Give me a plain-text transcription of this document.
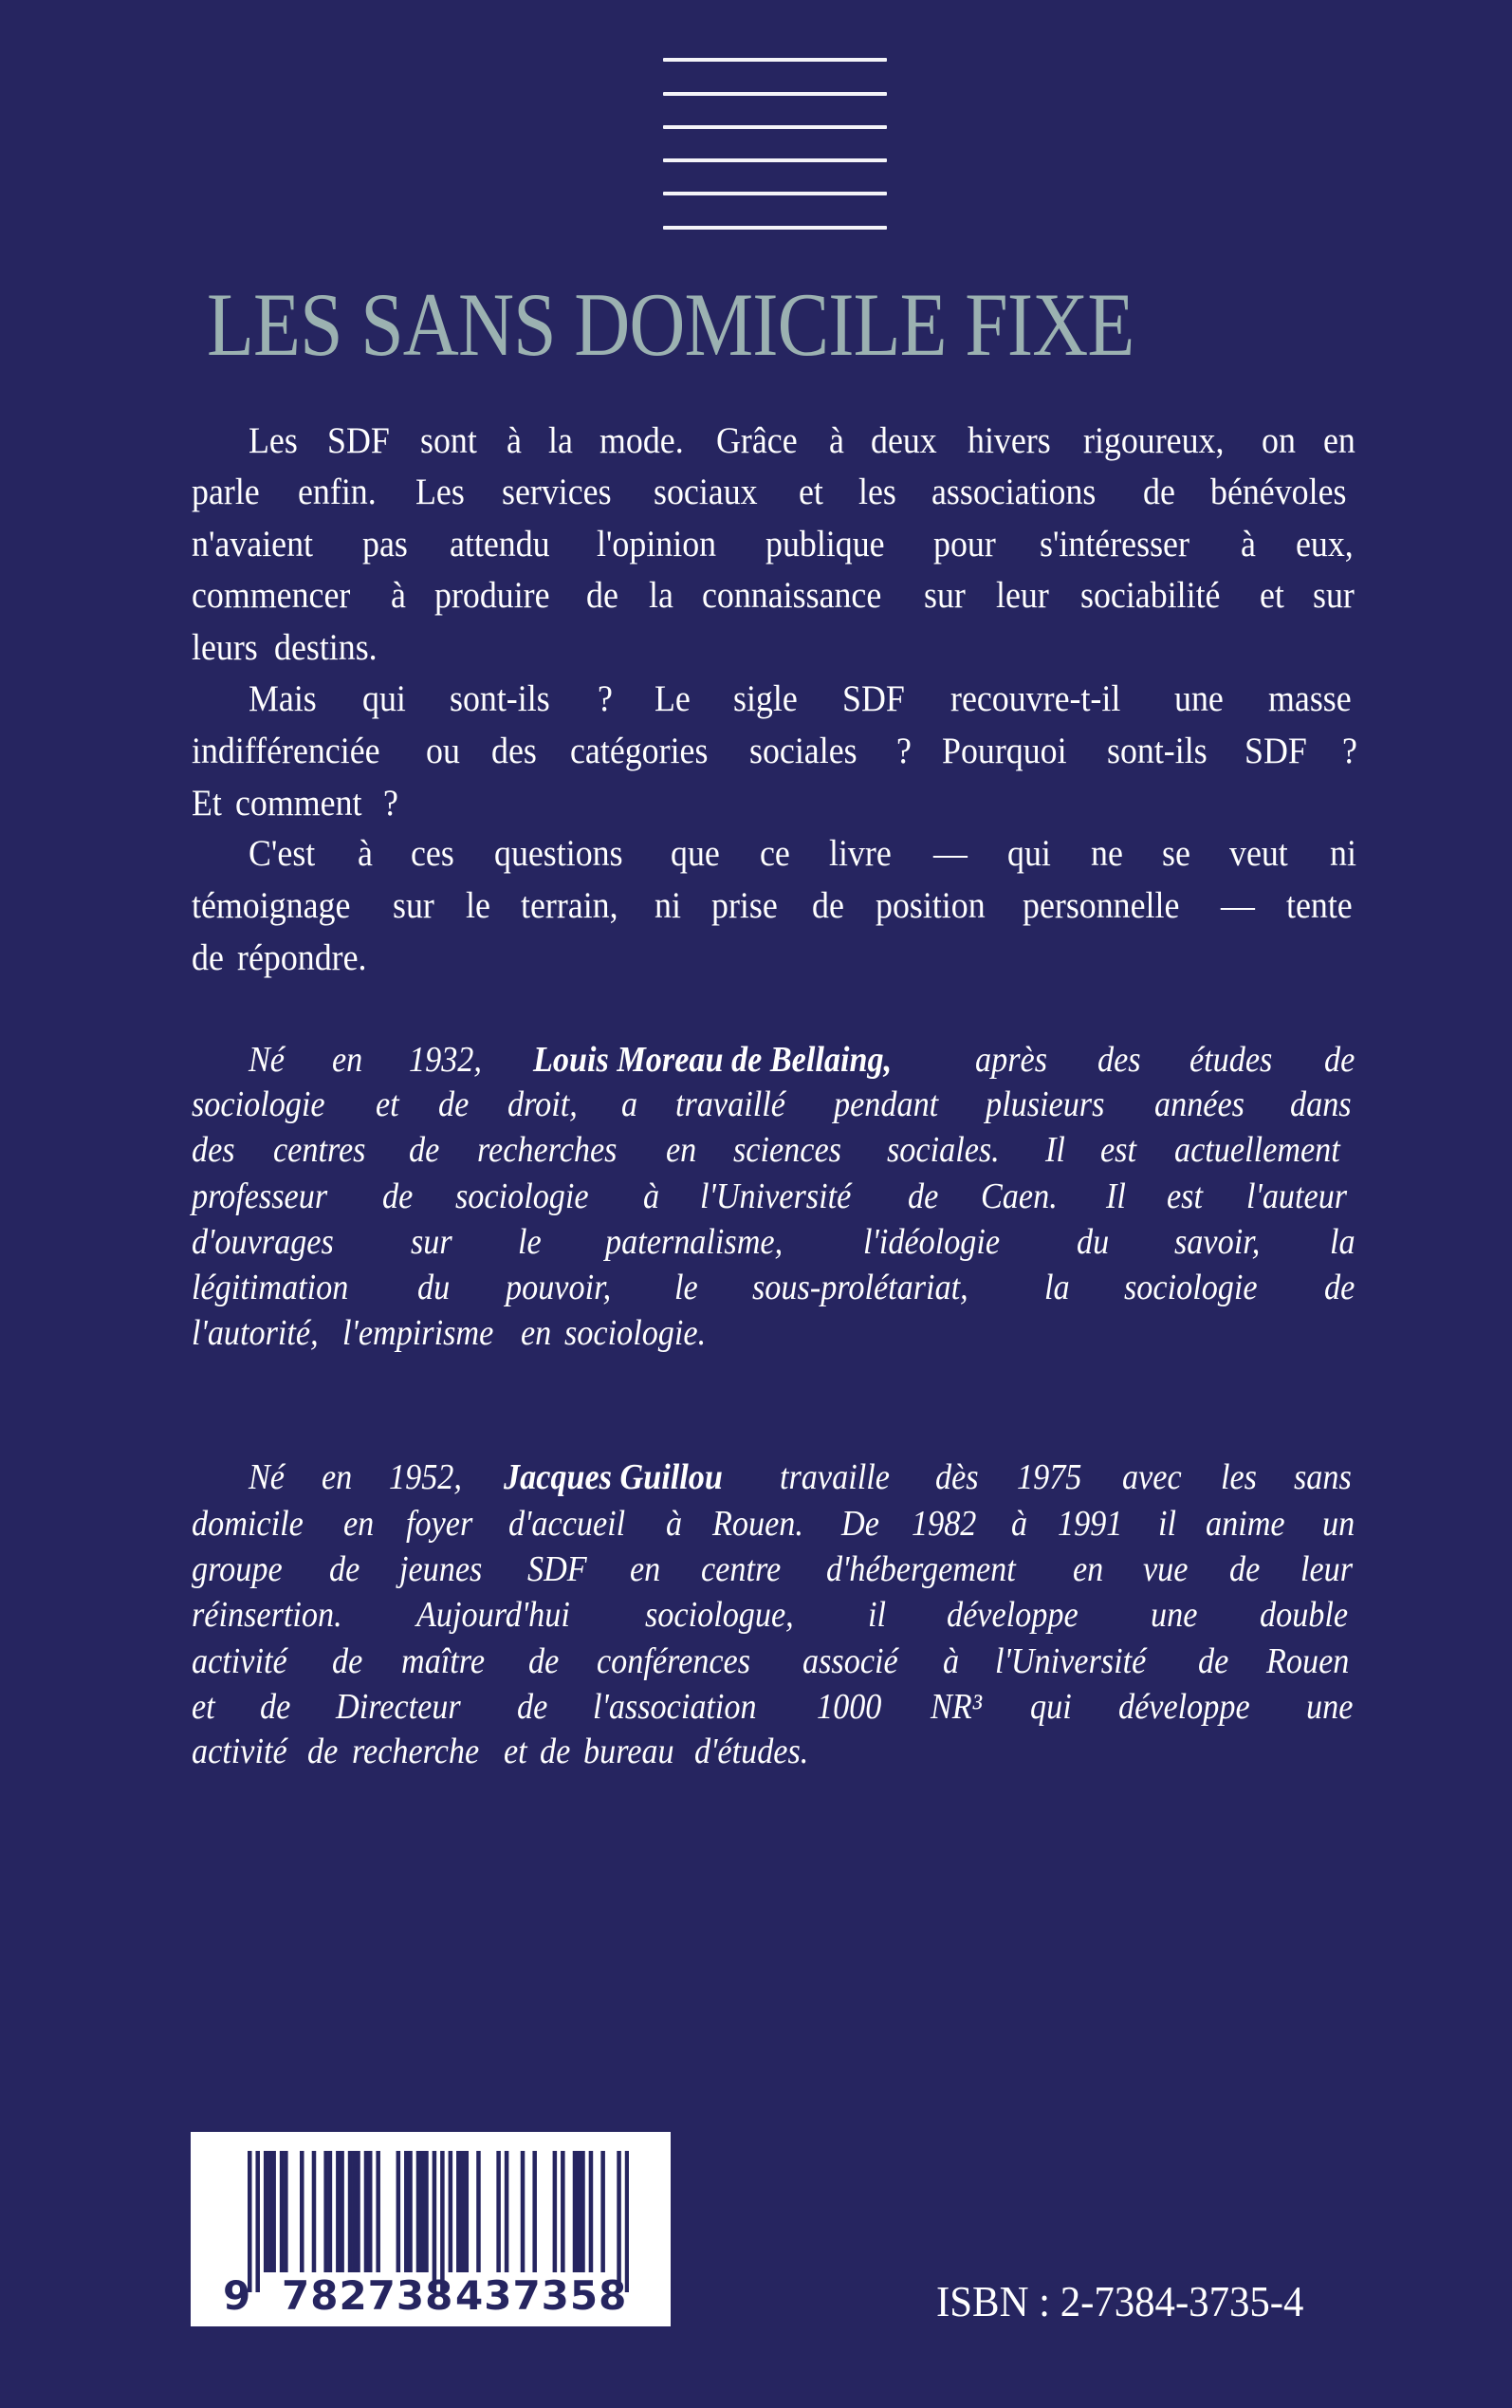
LES SANS DOMICILE FIXE
Les SDF sont à la mode. Grâce à deux hivers rigoureux, on en
parle enfin. Les services sociaux et les associations de bénévoles
n'avaient pas attendu l'opinion publique pour s'intéresser à eux,
commencer à produire de la connaissance sur leur sociabilité et sur
leurs destins.
Mais qui sont-ils ? Le sigle SDF recouvre-t-il une masse
indifférenciée ou des catégories sociales ? Pourquoi sont-ils SDF ?
Et comment ?
C'est à ces questions que ce livre — qui ne se veut ni
témoignage sur le terrain, ni prise de position personnelle — tente
de répondre.
Né en 1932, Louis Moreau de Bellaing, après des études de
sociologie et de droit, a travaillé pendant plusieurs années dans
des centres de recherches en sciences sociales. Il est actuellement
professeur de sociologie à l'Université de Caen. Il est l'auteur
d'ouvrages sur le paternalisme, l'idéologie du savoir, la
légitimation du pouvoir, le sous-prolétariat, la sociologie de
l'autorité, l'empirisme en sociologie.
Né en 1952, Jacques Guillou travaille dès 1975 avec les sans
domicile en foyer d'accueil à Rouen. De 1982 à 1991 il anime un
groupe de jeunes SDF en centre d'hébergement en vue de leur
réinsertion. Aujourd'hui sociologue, il développe une double
activité de maître de conférences associé à l'Université de Rouen
et de Directeur de l'association 1000 NR³ qui développe une
activité de recherche et de bureau d'études.
9 782738 437358	ISBN : 2-7384-3735-4
